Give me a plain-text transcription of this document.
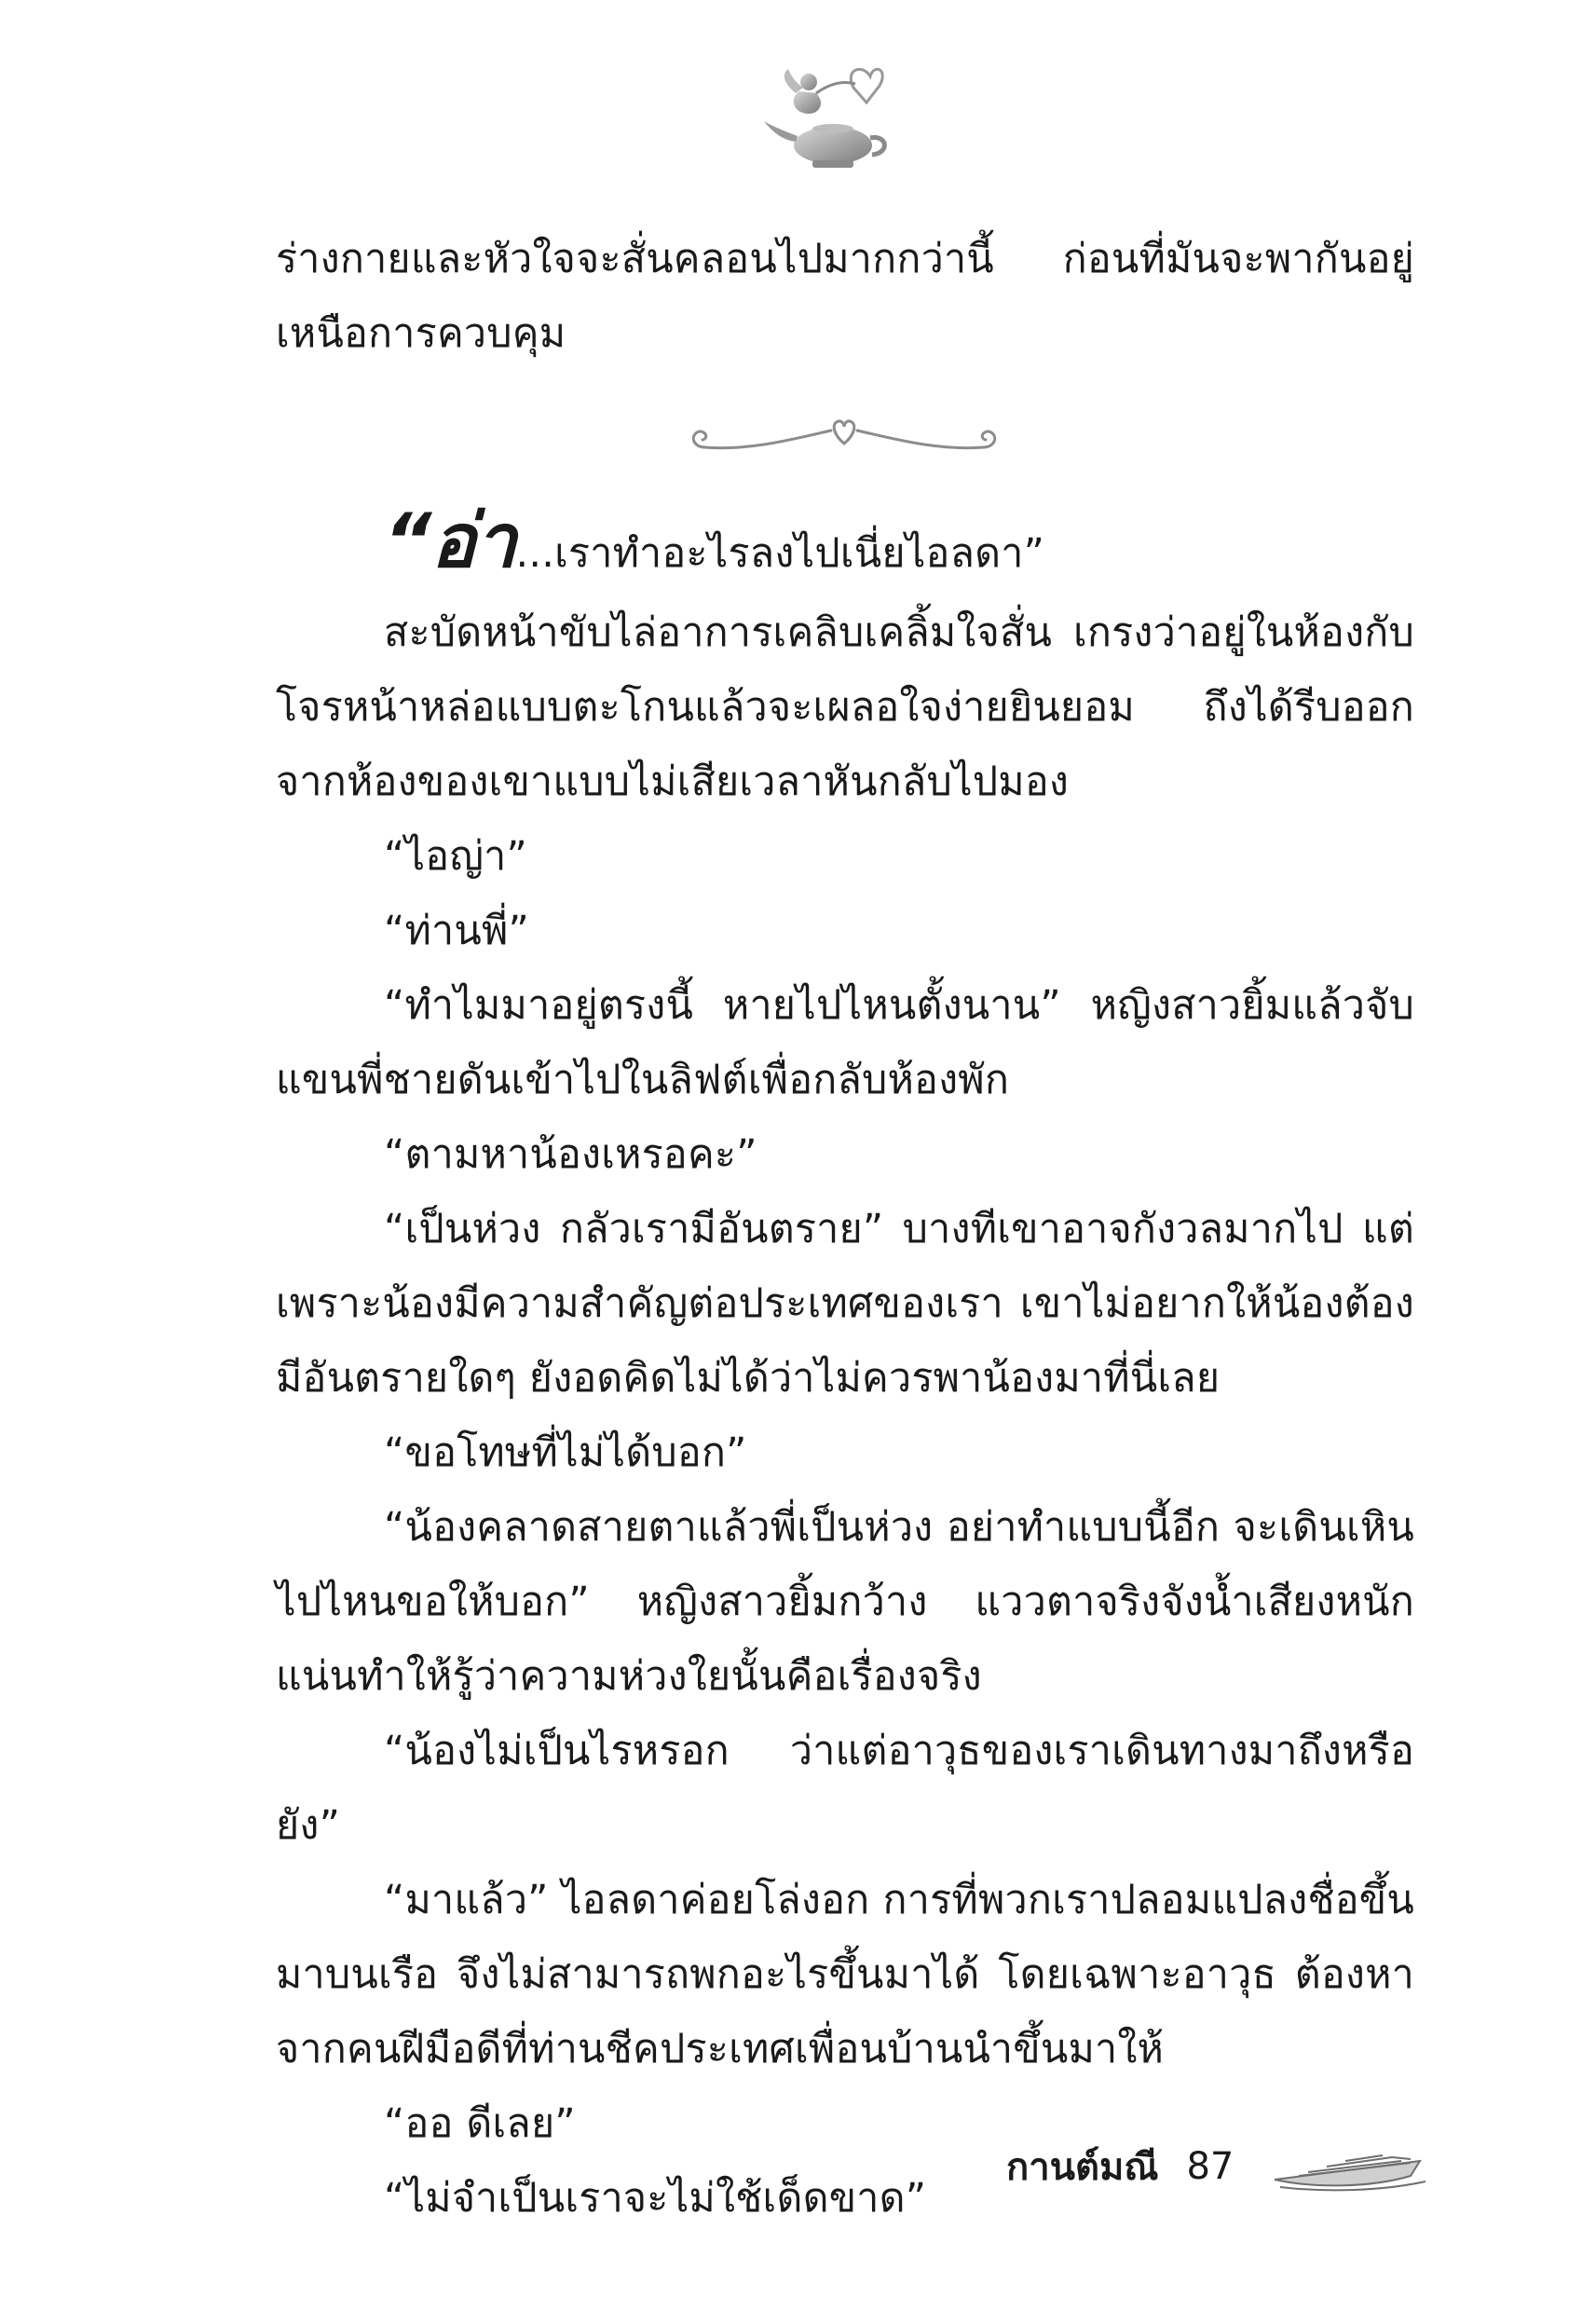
ร่างกายและหัวใจจะสั่นคลอนไปมากกว่านี้ ก่อนที่มันจะพากันอยู่เหนือการควบคุม

“อ่า...เราทำอะไรลงไปเนี่ยไอลดา”

สะบัดหน้าขับไล่อาการเคลิบเคลิ้มใจสั่น เกรงว่าอยู่ในห้องกับโจรหน้าหล่อแบบตะโกนแล้วจะเผลอใจง่ายยินยอม ถึงได้รีบออกจากห้องของเขาแบบไม่เสียเวลาหันกลับไปมอง

“ไอญ่า”

“ท่านพี่”

“ทำไมมาอยู่ตรงนี้ หายไปไหนตั้งนาน” หญิงสาวยิ้มแล้วจับแขนพี่ชายดันเข้าไปในลิฟต์เพื่อกลับห้องพัก

“ตามหาน้องเหรอคะ”

“เป็นห่วง กลัวเรามีอันตราย” บางทีเขาอาจกังวลมากไป แต่เพราะน้องมีความสำคัญต่อประเทศของเรา เขาไม่อยากให้น้องต้องมีอันตรายใดๆ ยังอดคิดไม่ได้ว่าไม่ควรพาน้องมาที่นี่เลย

“ขอโทษที่ไม่ได้บอก”

“น้องคลาดสายตาแล้วพี่เป็นห่วง อย่าทำแบบนี้อีก จะเดินเหินไปไหนขอให้บอก” หญิงสาวยิ้มกว้าง แววตาจริงจังน้ำเสียงหนักแน่นทำให้รู้ว่าความห่วงใยนั้นคือเรื่องจริง

“น้องไม่เป็นไรหรอก ว่าแต่อาวุธของเราเดินทางมาถึงหรือยัง”

“มาแล้ว” ไอลดาค่อยโล่งอก การที่พวกเราปลอมแปลงชื่อขึ้นมาบนเรือ จึงไม่สามารถพกอะไรขึ้นมาได้ โดยเฉพาะอาวุธ ต้องหาจากคนฝีมือดีที่ท่านชีคประเทศเพื่อนบ้านนำขึ้นมาให้

“ออ ดีเลย”

“ไม่จำเป็นเราจะไม่ใช้เด็ดขาด”

กานต์มณี 87
